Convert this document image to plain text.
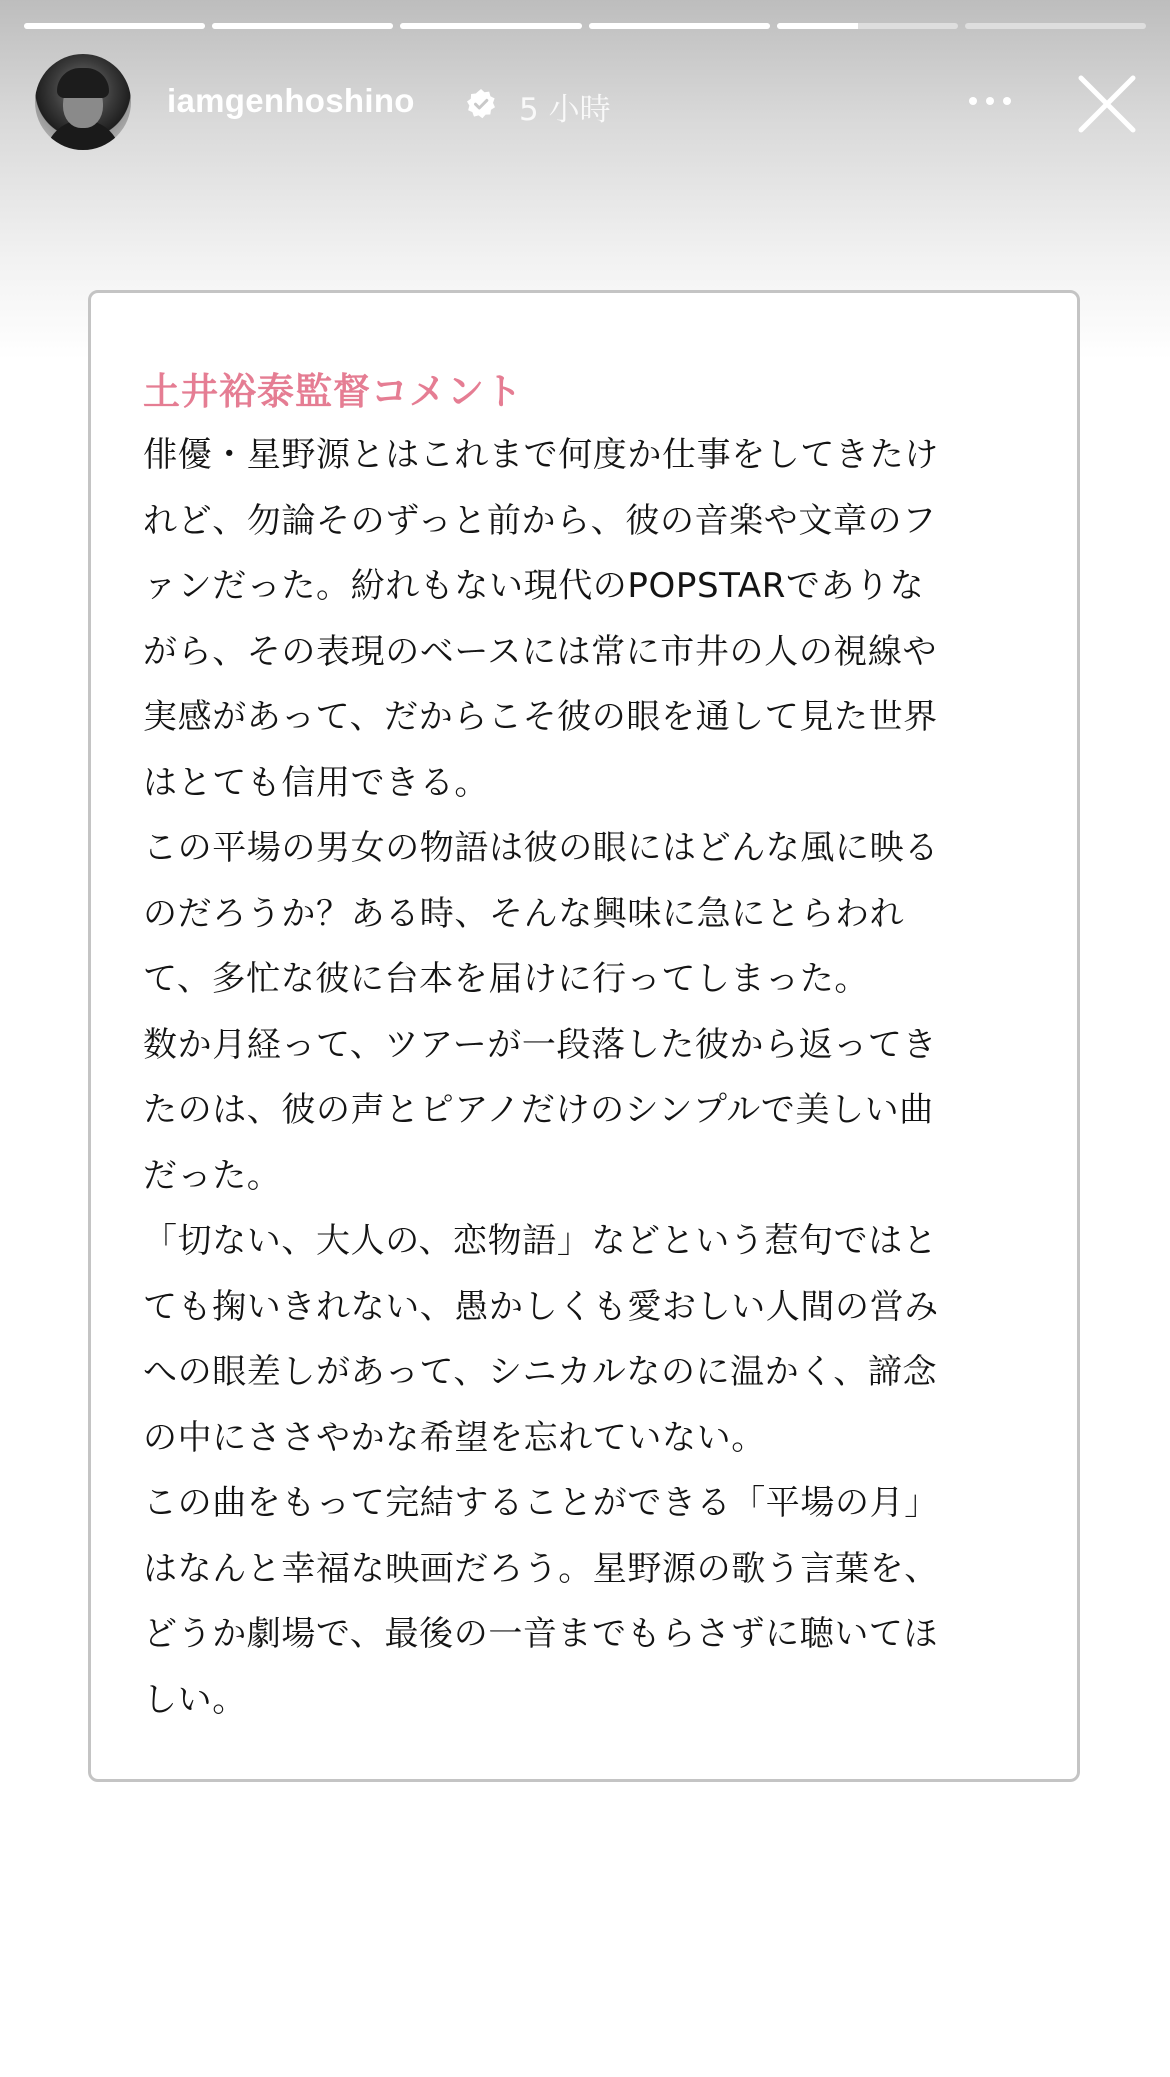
iamgenhoshino	5 小時
土井裕泰監督コメント
俳優・星野源とはこれまで何度か仕事をしてきたけ
れど、勿論そのずっと前から、彼の音楽や文章のフ
ァンだった。紛れもない現代のPOPSTARでありな
がら、その表現のベースには常に市井の人の視線や
実感があって、だからこそ彼の眼を通して見た世界
はとても信用できる。
この平場の男女の物語は彼の眼にはどんな風に映る
のだろうか？ある時、そんな興味に急にとらわれ
て、多忙な彼に台本を届けに行ってしまった。
数か月経って、ツアーが一段落した彼から返ってき
たのは、彼の声とピアノだけのシンプルで美しい曲
だった。
「切ない、大人の、恋物語」などという惹句ではと
ても掬いきれない、愚かしくも愛おしい人間の営み
への眼差しがあって、シニカルなのに温かく、諦念
の中にささやかな希望を忘れていない。
この曲をもって完結することができる「平場の月」
はなんと幸福な映画だろう。星野源の歌う言葉を、
どうか劇場で、最後の一音までもらさずに聴いてほ
しい。
